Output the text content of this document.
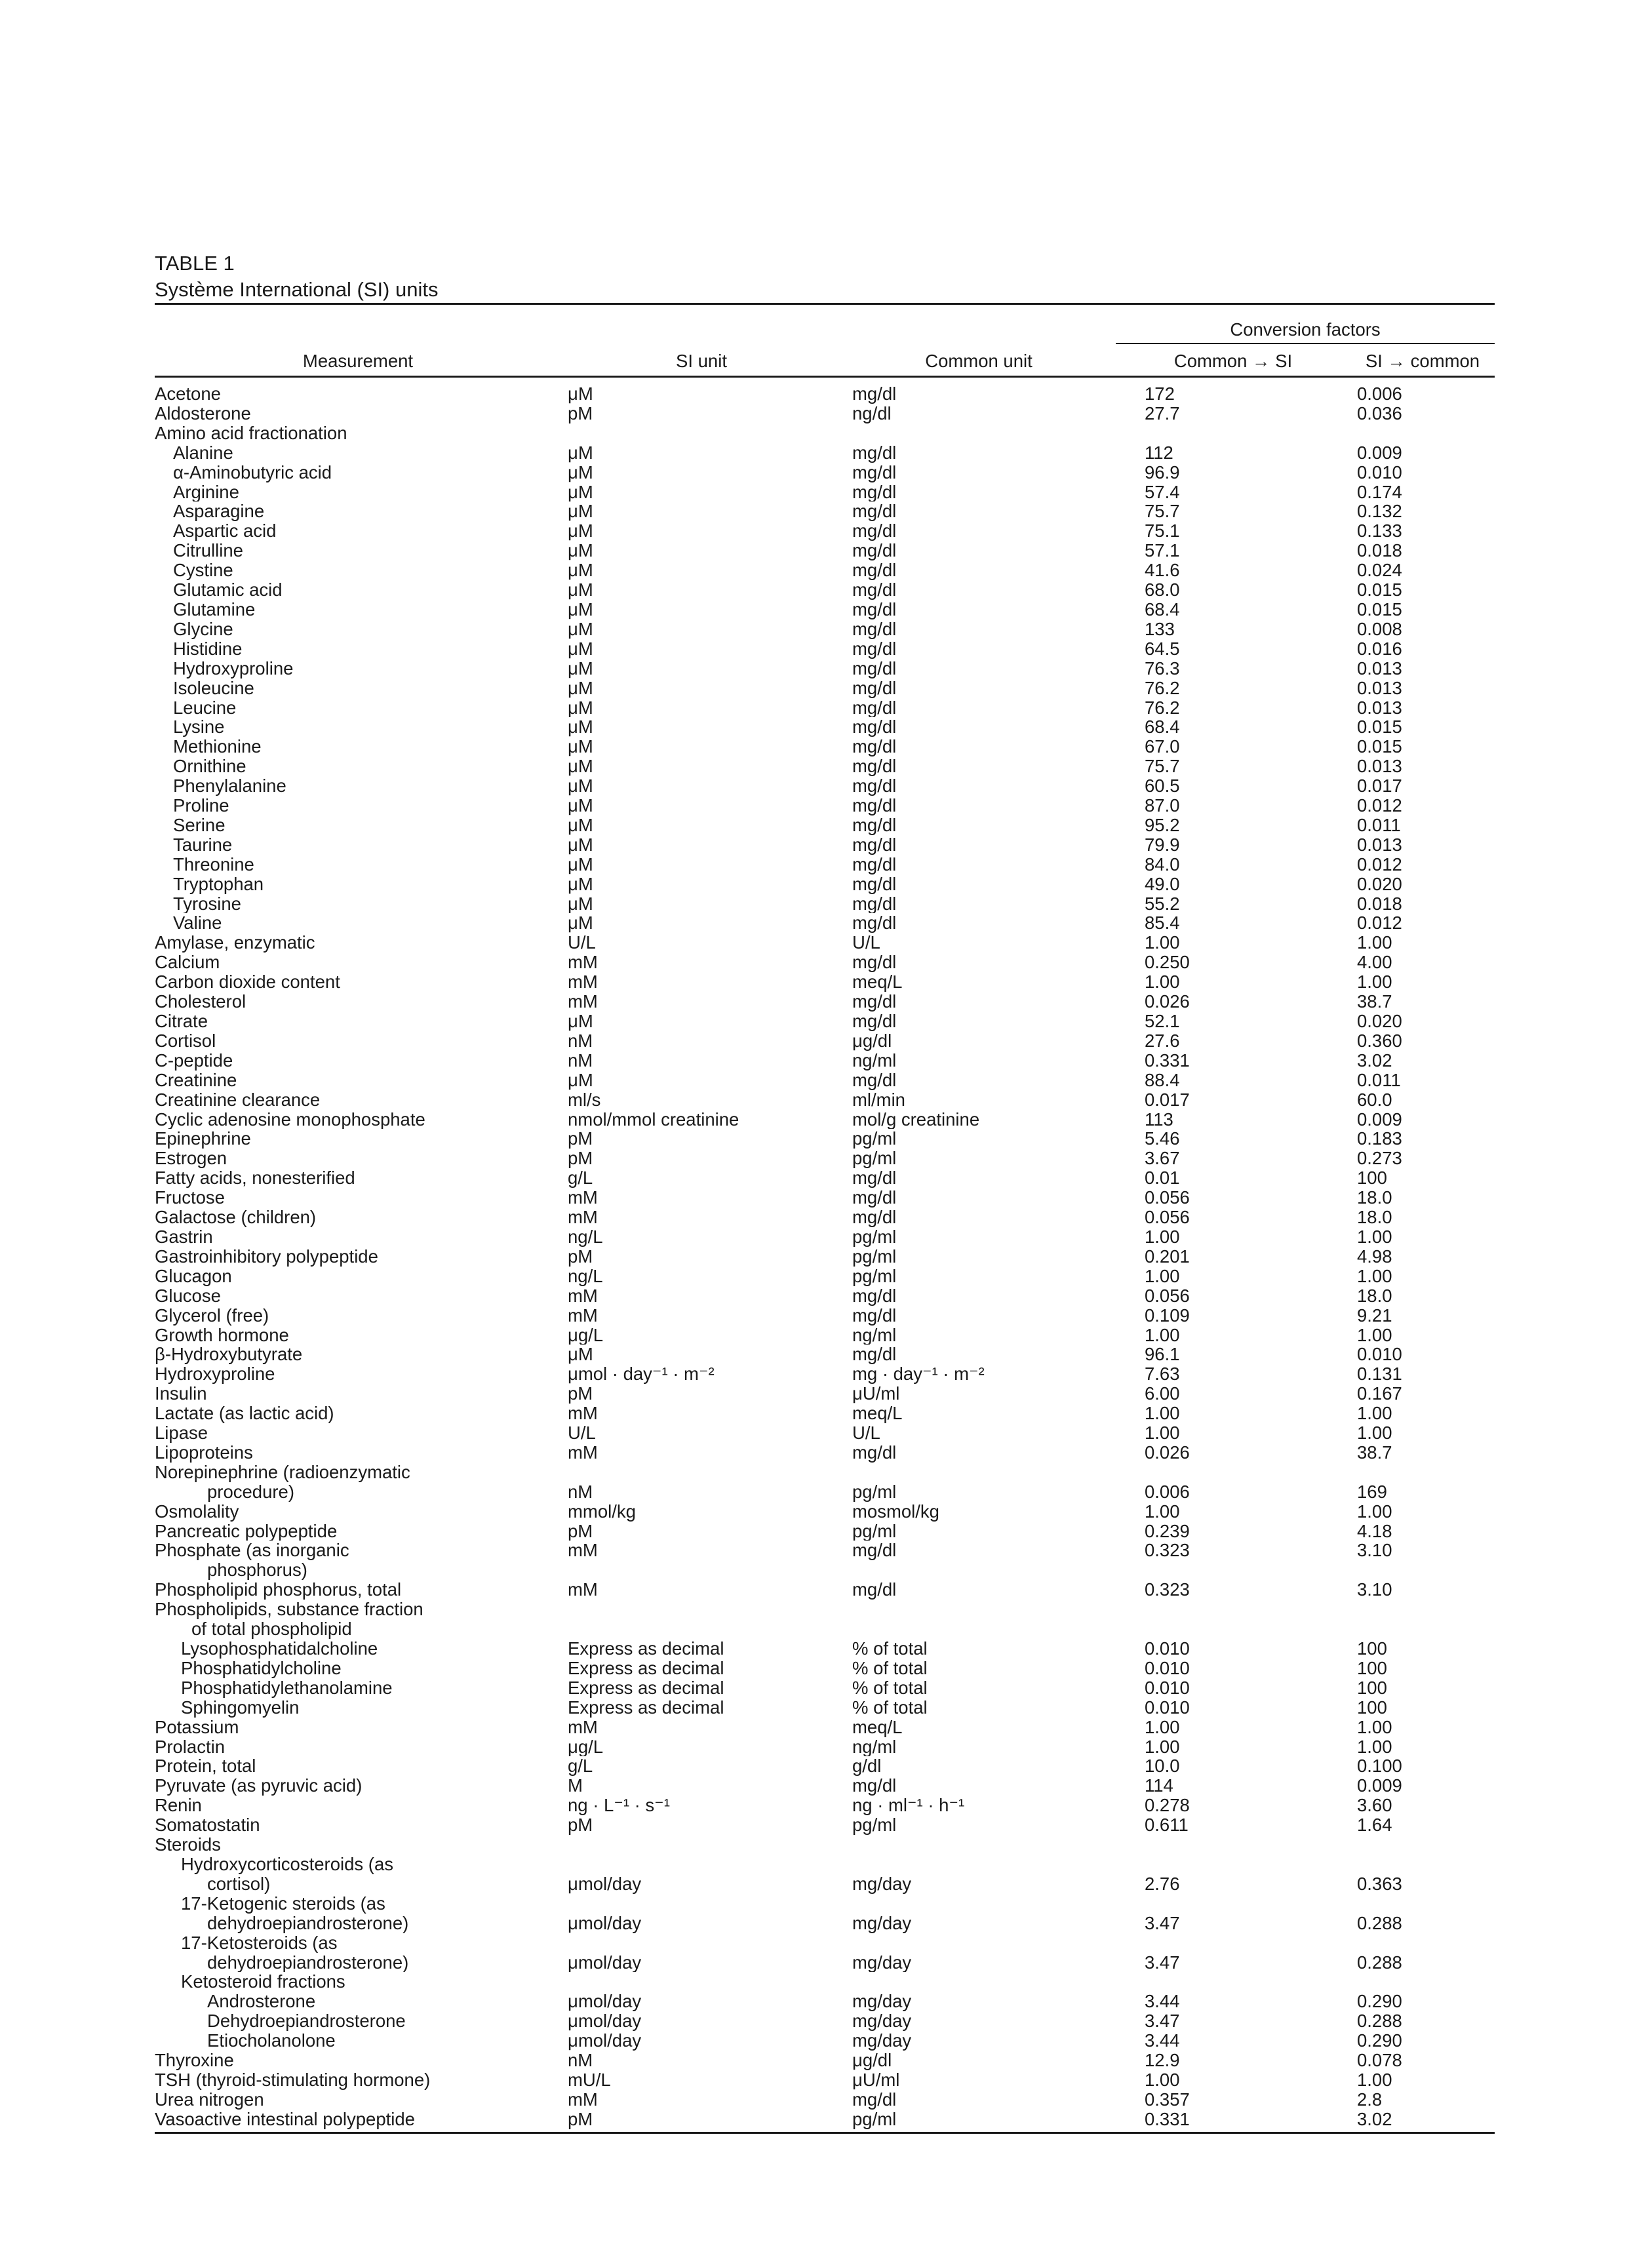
TABLE 1
Système International (SI) units
			Conversion factors	
Measurement	SI unit	Common unit	Common → SI	SI → common
Acetone	μM	mg/dl	172	0.006
Aldosterone	pM	ng/dl	27.7	0.036
Amino acid fractionation				
Alanine	μM	mg/dl	112	0.009
α-Aminobutyric acid	μM	mg/dl	96.9	0.010
Arginine	μM	mg/dl	57.4	0.174
Asparagine	μM	mg/dl	75.7	0.132
Aspartic acid	μM	mg/dl	75.1	0.133
Citrulline	μM	mg/dl	57.1	0.018
Cystine	μM	mg/dl	41.6	0.024
Glutamic acid	μM	mg/dl	68.0	0.015
Glutamine	μM	mg/dl	68.4	0.015
Glycine	μM	mg/dl	133	0.008
Histidine	μM	mg/dl	64.5	0.016
Hydroxyproline	μM	mg/dl	76.3	0.013
Isoleucine	μM	mg/dl	76.2	0.013
Leucine	μM	mg/dl	76.2	0.013
Lysine	μM	mg/dl	68.4	0.015
Methionine	μM	mg/dl	67.0	0.015
Ornithine	μM	mg/dl	75.7	0.013
Phenylalanine	μM	mg/dl	60.5	0.017
Proline	μM	mg/dl	87.0	0.012
Serine	μM	mg/dl	95.2	0.011
Taurine	μM	mg/dl	79.9	0.013
Threonine	μM	mg/dl	84.0	0.012
Tryptophan	μM	mg/dl	49.0	0.020
Tyrosine	μM	mg/dl	55.2	0.018
Valine	μM	mg/dl	85.4	0.012
Amylase, enzymatic	U/L	U/L	1.00	1.00
Calcium	mM	mg/dl	0.250	4.00
Carbon dioxide content	mM	meq/L	1.00	1.00
Cholesterol	mM	mg/dl	0.026	38.7
Citrate	μM	mg/dl	52.1	0.020
Cortisol	nM	μg/dl	27.6	0.360
C-peptide	nM	ng/ml	0.331	3.02
Creatinine	μM	mg/dl	88.4	0.011
Creatinine clearance	ml/s	ml/min	0.017	60.0
Cyclic adenosine monophosphate	nmol/mmol creatinine	mol/g creatinine	113	0.009
Epinephrine	pM	pg/ml	5.46	0.183
Estrogen	pM	pg/ml	3.67	0.273
Fatty acids, nonesterified	g/L	mg/dl	0.01	100
Fructose	mM	mg/dl	0.056	18.0
Galactose (children)	mM	mg/dl	0.056	18.0
Gastrin	ng/L	pg/ml	1.00	1.00
Gastroinhibitory polypeptide	pM	pg/ml	0.201	4.98
Glucagon	ng/L	pg/ml	1.00	1.00
Glucose	mM	mg/dl	0.056	18.0
Glycerol (free)	mM	mg/dl	0.109	9.21
Growth hormone	μg/L	ng/ml	1.00	1.00
β-Hydroxybutyrate	μM	mg/dl	96.1	0.010
Hydroxyproline	μmol · day⁻¹ · m⁻²	mg · day⁻¹ · m⁻²	7.63	0.131
Insulin	pM	μU/ml	6.00	0.167
Lactate (as lactic acid)	mM	meq/L	1.00	1.00
Lipase	U/L	U/L	1.00	1.00
Lipoproteins	mM	mg/dl	0.026	38.7
Norepinephrine (radioenzymatic				
procedure)	nM	pg/ml	0.006	169
Osmolality	mmol/kg	mosmol/kg	1.00	1.00
Pancreatic polypeptide	pM	pg/ml	0.239	4.18
Phosphate (as inorganic	mM	mg/dl	0.323	3.10
phosphorus)				
Phospholipid phosphorus, total	mM	mg/dl	0.323	3.10
Phospholipids, substance fraction				
of total phospholipid				
Lysophosphatidalcholine	Express as decimal	% of total	0.010	100
Phosphatidylcholine	Express as decimal	% of total	0.010	100
Phosphatidylethanolamine	Express as decimal	% of total	0.010	100
Sphingomyelin	Express as decimal	% of total	0.010	100
Potassium	mM	meq/L	1.00	1.00
Prolactin	μg/L	ng/ml	1.00	1.00
Protein, total	g/L	g/dl	10.0	0.100
Pyruvate (as pyruvic acid)	M	mg/dl	114	0.009
Renin	ng · L⁻¹ · s⁻¹	ng · ml⁻¹ · h⁻¹	0.278	3.60
Somatostatin	pM	pg/ml	0.611	1.64
Steroids				
Hydroxycorticosteroids (as				
cortisol)	μmol/day	mg/day	2.76	0.363
17-Ketogenic steroids (as				
dehydroepiandrosterone)	μmol/day	mg/day	3.47	0.288
17-Ketosteroids (as				
dehydroepiandrosterone)	μmol/day	mg/day	3.47	0.288
Ketosteroid fractions				
Androsterone	μmol/day	mg/day	3.44	0.290
Dehydroepiandrosterone	μmol/day	mg/day	3.47	0.288
Etiocholanolone	μmol/day	mg/day	3.44	0.290
Thyroxine	nM	μg/dl	12.9	0.078
TSH (thyroid-stimulating hormone)	mU/L	μU/ml	1.00	1.00
Urea nitrogen	mM	mg/dl	0.357	2.8
Vasoactive intestinal polypeptide	pM	pg/ml	0.331	3.02
